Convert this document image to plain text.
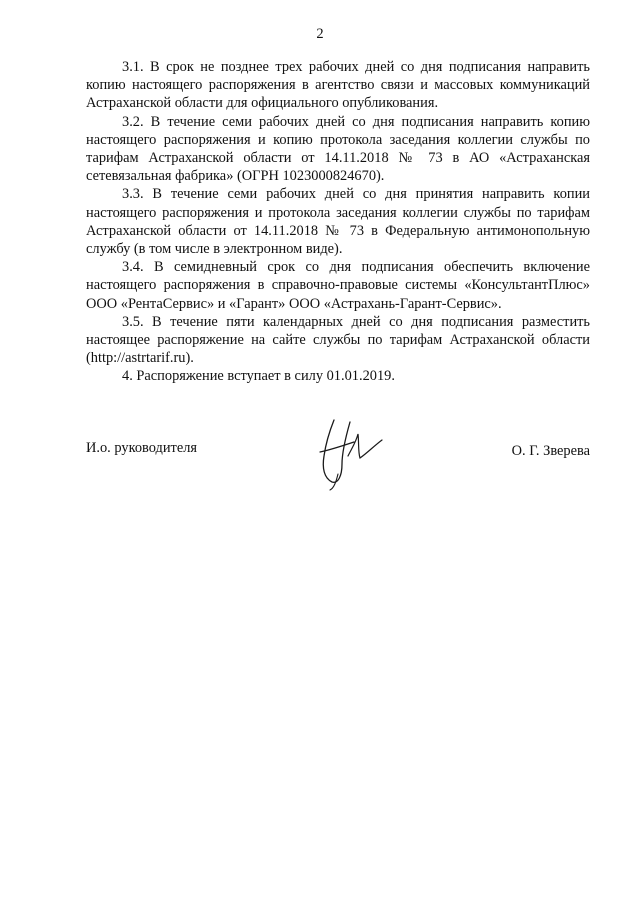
2

3.1. В срок не позднее трех рабочих дней со дня подписания направить копию настоящего распоряжения в агентство связи и массовых коммуникаций Астраханской области для официального опубликования.

3.2. В течение семи рабочих дней со дня подписания направить копию настоящего распоряжения и копию протокола заседания коллегии службы по тарифам Астраханской области от 14.11.2018 № 73 в АО «Астраханская сетевязальная фабрика» (ОГРН 1023000824670).

3.3. В течение семи рабочих дней со дня принятия направить копии настоящего распоряжения и протокола заседания коллегии службы по тарифам Астраханской области от 14.11.2018 № 73 в Федеральную антимонопольную службу (в том числе в электронном виде).

3.4. В семидневный срок со дня подписания обеспечить включение настоящего распоряжения в справочно-правовые системы «КонсультантПлюс» ООО «РентаСервис» и «Гарант» ООО «Астрахань-Гарант-Сервис».

3.5. В течение пяти календарных дней со дня подписания разместить настоящее распоряжение на сайте службы по тарифам Астраханской области (http://astrtarif.ru).

4. Распоряжение вступает в силу 01.01.2019.

И.о. руководителя	О. Г. Зверева
